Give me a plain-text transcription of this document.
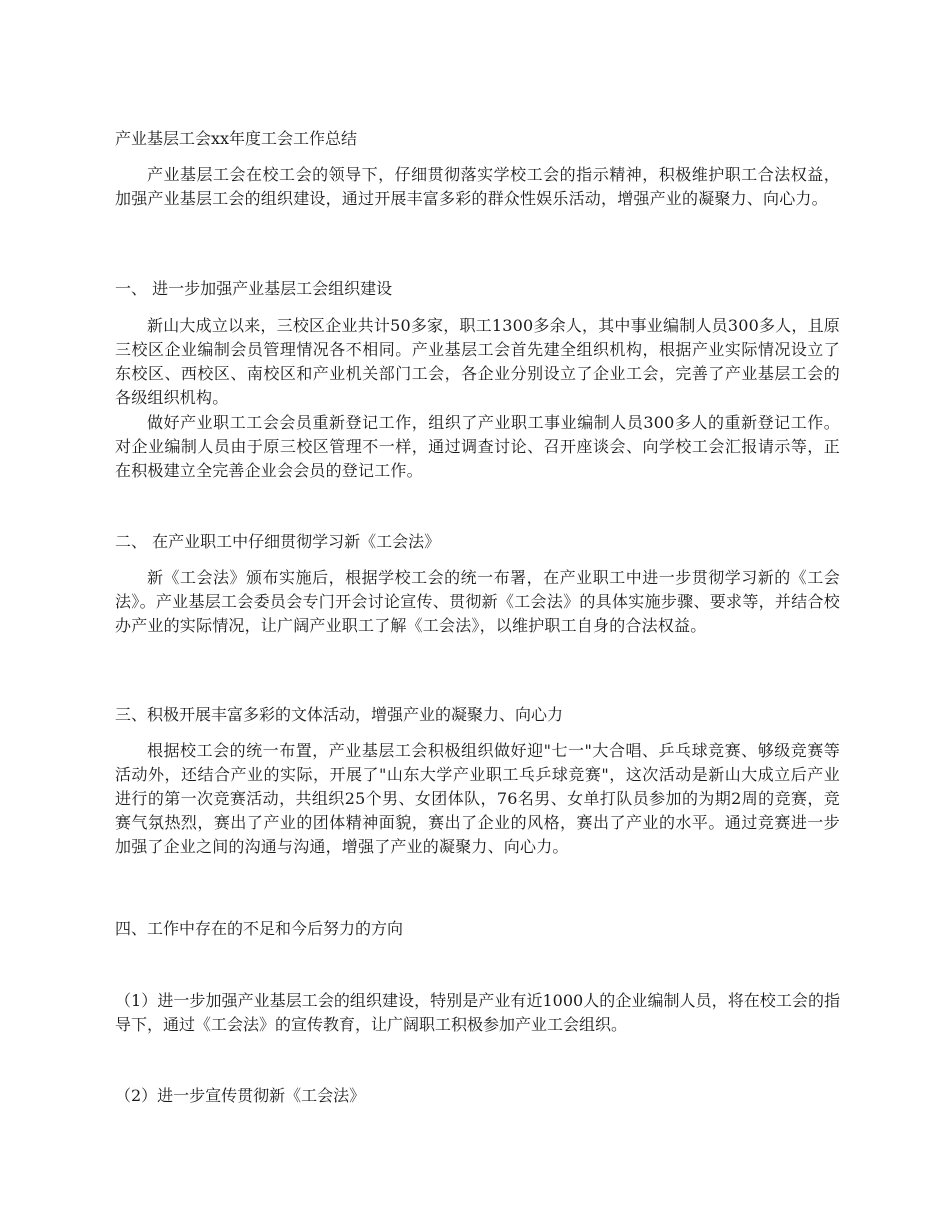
产业基层工会xx年度工会工作总结

产业基层工会在校工会的领导下，仔细贯彻落实学校工会的指示精神，积极维护职工合法权益，加强产业基层工会的组织建设，通过开展丰富多彩的群众性娱乐活动，增强产业的凝聚力、向心力。

一、 进一步加强产业基层工会组织建设

新山大成立以来，三校区企业共计50多家，职工1300多余人，其中事业编制人员300多人，且原三校区企业编制会员管理情况各不相同。产业基层工会首先建全组织机构，根据产业实际情况设立了东校区、西校区、南校区和产业机关部门工会，各企业分别设立了企业工会，完善了产业基层工会的各级组织机构。

做好产业职工工会会员重新登记工作，组织了产业职工事业编制人员300多人的重新登记工作。对企业编制人员由于原三校区管理不一样，通过调查讨论、召开座谈会、向学校工会汇报请示等，正在积极建立全完善企业会会员的登记工作。

二、 在产业职工中仔细贯彻学习新《工会法》

新《工会法》颁布实施后，根据学校工会的统一布署，在产业职工中进一步贯彻学习新的《工会法》。产业基层工会委员会专门开会讨论宣传、贯彻新《工会法》的具体实施步骤、要求等，并结合校办产业的实际情况，让广阔产业职工了解《工会法》，以维护职工自身的合法权益。

三、积极开展丰富多彩的文体活动，增强产业的凝聚力、向心力

根据校工会的统一布置，产业基层工会积极组织做好迎"七一"大合唱、乒乓球竞赛、够级竞赛等活动外，还结合产业的实际，开展了"山东大学产业职工乓乒球竞赛"，这次活动是新山大成立后产业进行的第一次竞赛活动，共组织25个男、女团体队，76名男、女单打队员参加的为期2周的竞赛，竞赛气氛热烈，赛出了产业的团体精神面貌，赛出了企业的风格，赛出了产业的水平。通过竞赛进一步加强了企业之间的沟通与沟通，增强了产业的凝聚力、向心力。

四、工作中存在的不足和今后努力的方向

（1）进一步加强产业基层工会的组织建设，特别是产业有近1000人的企业编制人员，将在校工会的指导下，通过《工会法》的宣传教育，让广阔职工积极参加产业工会组织。

（2）进一步宣传贯彻新《工会法》
